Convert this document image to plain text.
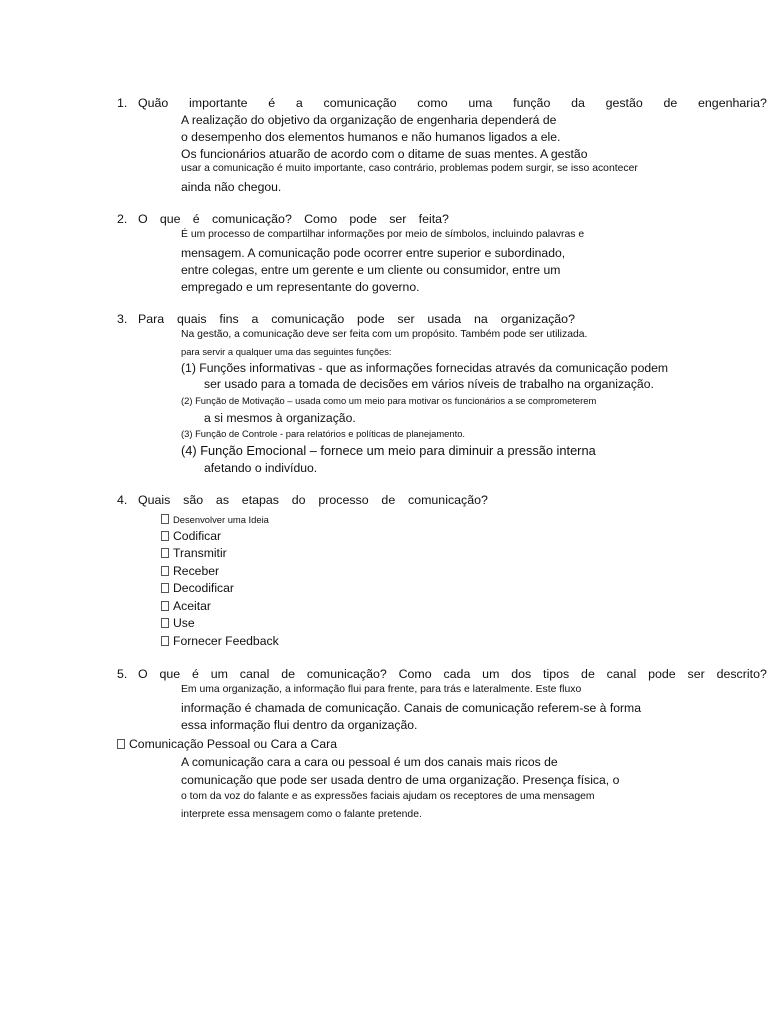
1. Quão importante é a comunicação como uma função da gestão de engenharia?
A realização do objetivo da organização de engenharia dependerá de
o desempenho dos elementos humanos e não humanos ligados a ele.
Os funcionários atuarão de acordo com o ditame de suas mentes. A gestão
usar a comunicação é muito importante, caso contrário, problemas podem surgir, se isso acontecer
ainda não chegou.
2. O que é comunicação? Como pode ser feita?
É um processo de compartilhar informações por meio de símbolos, incluindo palavras e
mensagem. A comunicação pode ocorrer entre superior e subordinado,
entre colegas, entre um gerente e um cliente ou consumidor, entre um
empregado e um representante do governo.
3. Para quais fins a comunicação pode ser usada na organização?
Na gestão, a comunicação deve ser feita com um propósito. Também pode ser utilizada.
para servir a qualquer uma das seguintes funções:
(1) Funções informativas - que as informações fornecidas através da comunicação podem
ser usado para a tomada de decisões em vários níveis de trabalho na organização.
(2) Função de Motivação – usada como um meio para motivar os funcionários a se comprometerem
a si mesmos à organização.
(3) Função de Controle - para relatórios e políticas de planejamento.
(4) Função Emocional – fornece um meio para diminuir a pressão interna
afetando o indivíduo.
4. Quais são as etapas do processo de comunicação?
Desenvolver uma Ideia
Codificar
Transmitir
Receber
Decodificar
Aceitar
Use
Fornecer Feedback
5. O que é um canal de comunicação? Como cada um dos tipos de canal pode ser descrito?
Em uma organização, a informação flui para frente, para trás e lateralmente. Este fluxo
informação é chamada de comunicação. Canais de comunicação referem-se à forma
essa informação flui dentro da organização.
Comunicação Pessoal ou Cara a Cara
A comunicação cara a cara ou pessoal é um dos canais mais ricos de
comunicação que pode ser usada dentro de uma organização. Presença física, o
o tom da voz do falante e as expressões faciais ajudam os receptores de uma mensagem
interprete essa mensagem como o falante pretende.
